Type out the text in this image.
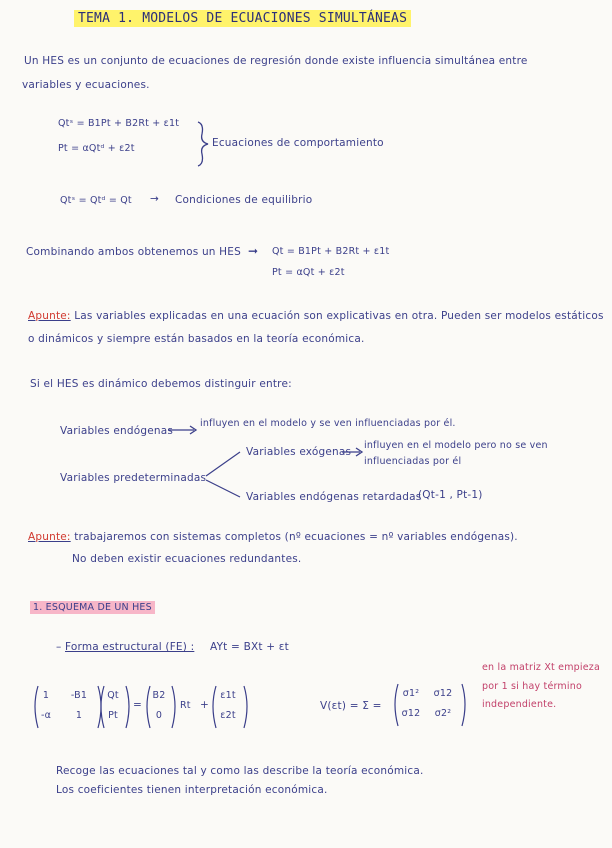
TEMA 1. MODELOS DE ECUACIONES SIMULTÁNEAS
Un HES es un conjunto de ecuaciones de regresión donde existe influencia simultánea entre
variables y ecuaciones.
Qtˢ = B1Pt + B2Rt + ε1t
Pt = αQtᵈ + ε2t	Ecuaciones de comportamiento
Qtˢ = Qtᵈ = Qt → Condiciones de equilibrio
Combinando ambos obtenemos un HES ➞ Qt = B1Pt + B2Rt + ε1t
Pt = αQt + ε2t
Apunte: Las variables explicadas en una ecuación son explicativas en otra. Pueden ser modelos estáticos
o dinámicos y siempre están basados en la teoría económica.
Si el HES es dinámico debemos distinguir entre:
Variables endógenas
influyen en el modelo y se ven influenciadas por él.
Variables predeterminadas
Variables exógenas
influyen en el modelo pero no se ven
influenciadas por él
Variables endógenas retardadas
(Qt-1 , Pt-1)
Apunte: trabajaremos con sistemas completos (nº ecuaciones = nº variables endógenas).
No deben existir ecuaciones redundantes.
1. ESQUEMA DE UN HES
– Forma estructural (FE) : AYt = BXt + εt
en la matriz Xt empieza
por 1 si hay término
independiente.
1	-B1
-α	1
Qt
Pt
=
B2
0
Rt +
ε1t
ε2t
V(εt) = Σ =
σ1²	σ12
σ12	σ2²
Recoge las ecuaciones tal y como las describe la teoría económica.
Los coeficientes tienen interpretación económica.
